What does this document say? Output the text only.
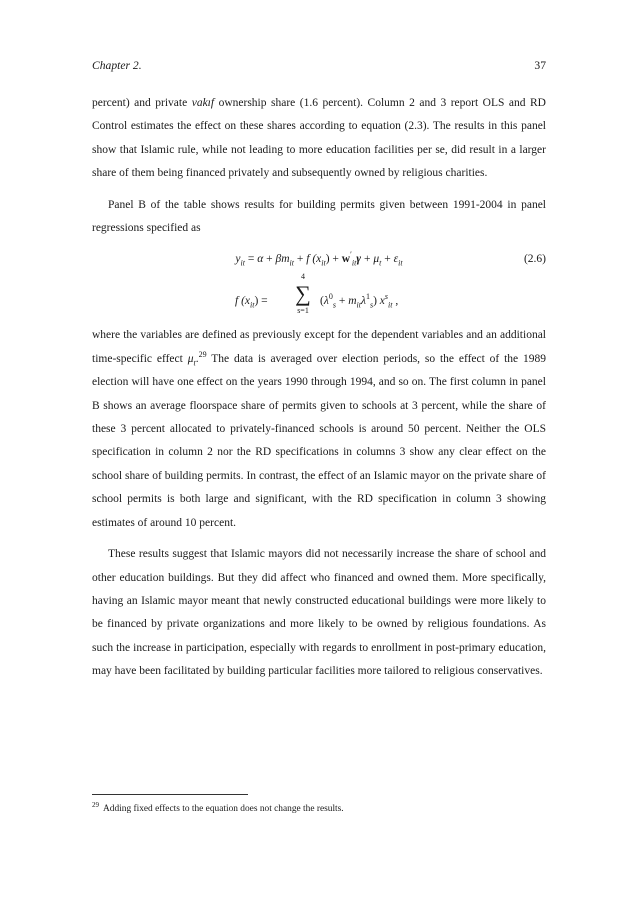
Chapter 2.	37

percent) and private vakıf ownership share (1.6 percent). Column 2 and 3 report OLS and RD Control estimates the effect on these shares according to equation (2.3). The results in this panel show that Islamic rule, while not leading to more education facilities per se, did result in a larger share of them being financed privately and subsequently owned by religious charities.

Panel B of the table shows results for building permits given between 1991-2004 in panel regressions specified as

$y_{it} = \alpha + \beta m_{it} + f$ $(x_{it}) + w'_{it}\gamma + \mu_t + \varepsilon_{it}$	(2.6)
f $(x_{it})$ =
4
∑
s=1
$(\lambda^0_s + m_{it}\lambda^1_s)$ $x^s_{it}$ ,

where the variables are defined as previously except for the dependent variables and an additional time-specific effect $\mu_t.^{29}$ The data is averaged over election periods, so the effect of the 1989 election will have one effect on the years 1990 through 1994, and so on. The first column in panel B shows an average floorspace share of permits given to schools at 3 percent, while the share of these 3 percent allocated to privately-financed schools is around 50 percent. Neither the OLS specification in column 2 nor the RD specifications in columns 3 show any clear effect on the school share of building permits. In contrast, the effect of an Islamic mayor on the private share of school permits is both large and significant, with the RD specification in column 3 showing estimates of around 10 percent.

These results suggest that Islamic mayors did not necessarily increase the share of school and other education buildings. But they did affect who financed and owned them. More specifically, having an Islamic mayor meant that newly constructed educational buildings were more likely to be financed by private organizations and more likely to be owned by religious foundations. As such the increase in participation, especially with regards to enrollment in post-primary education, may have been facilitated by building particular facilities more tailored to religious conservatives.

$^{29}$ Adding fixed effects to the equation does not change the results.
